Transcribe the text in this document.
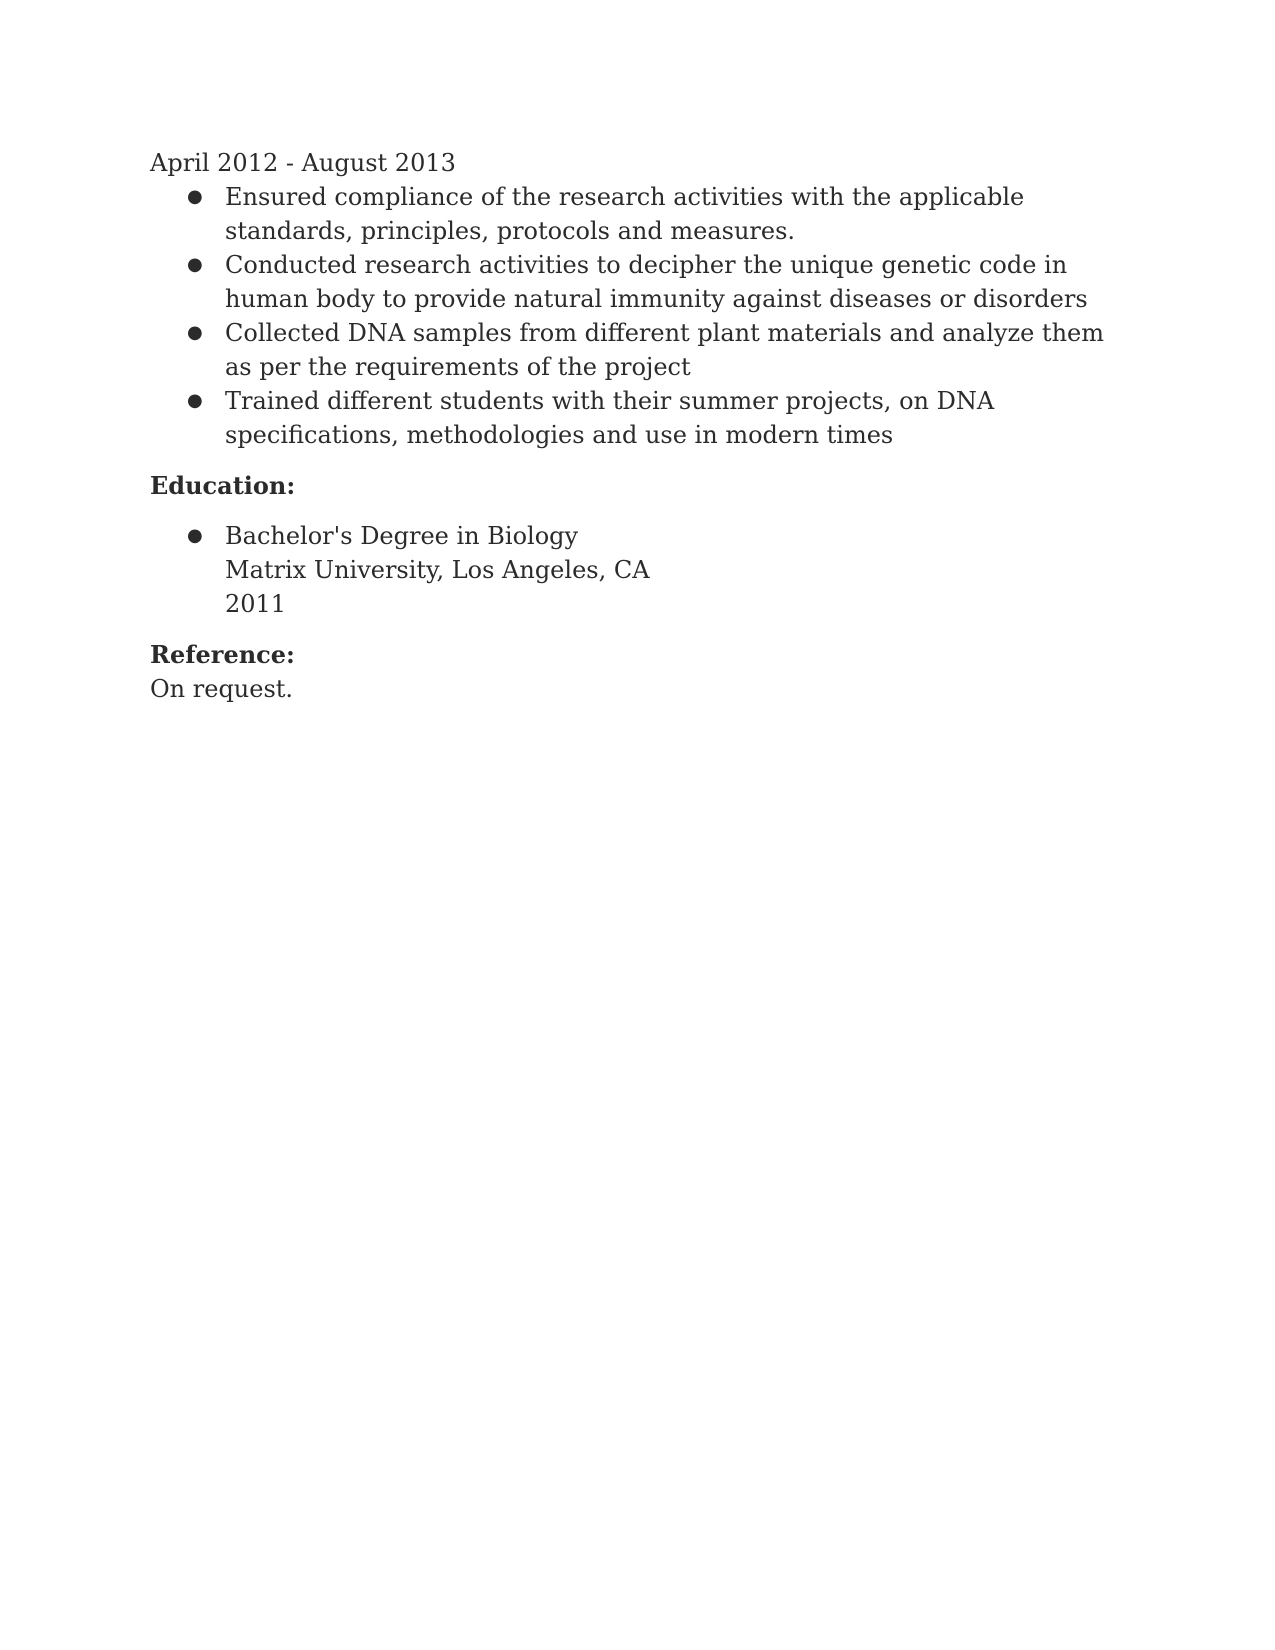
April 2012 - August 2013

● Ensured compliance of the research activities with the applicable standards, principles, protocols and measures.
● Conducted research activities to decipher the unique genetic code in human body to provide natural immunity against diseases or disorders
● Collected DNA samples from different plant materials and analyze them as per the requirements of the project
● Trained different students with their summer projects, on DNA specifications, methodologies and use in modern times

Education:

● Bachelor's Degree in Biology
Matrix University, Los Angeles, CA
2011

Reference:

On request.
